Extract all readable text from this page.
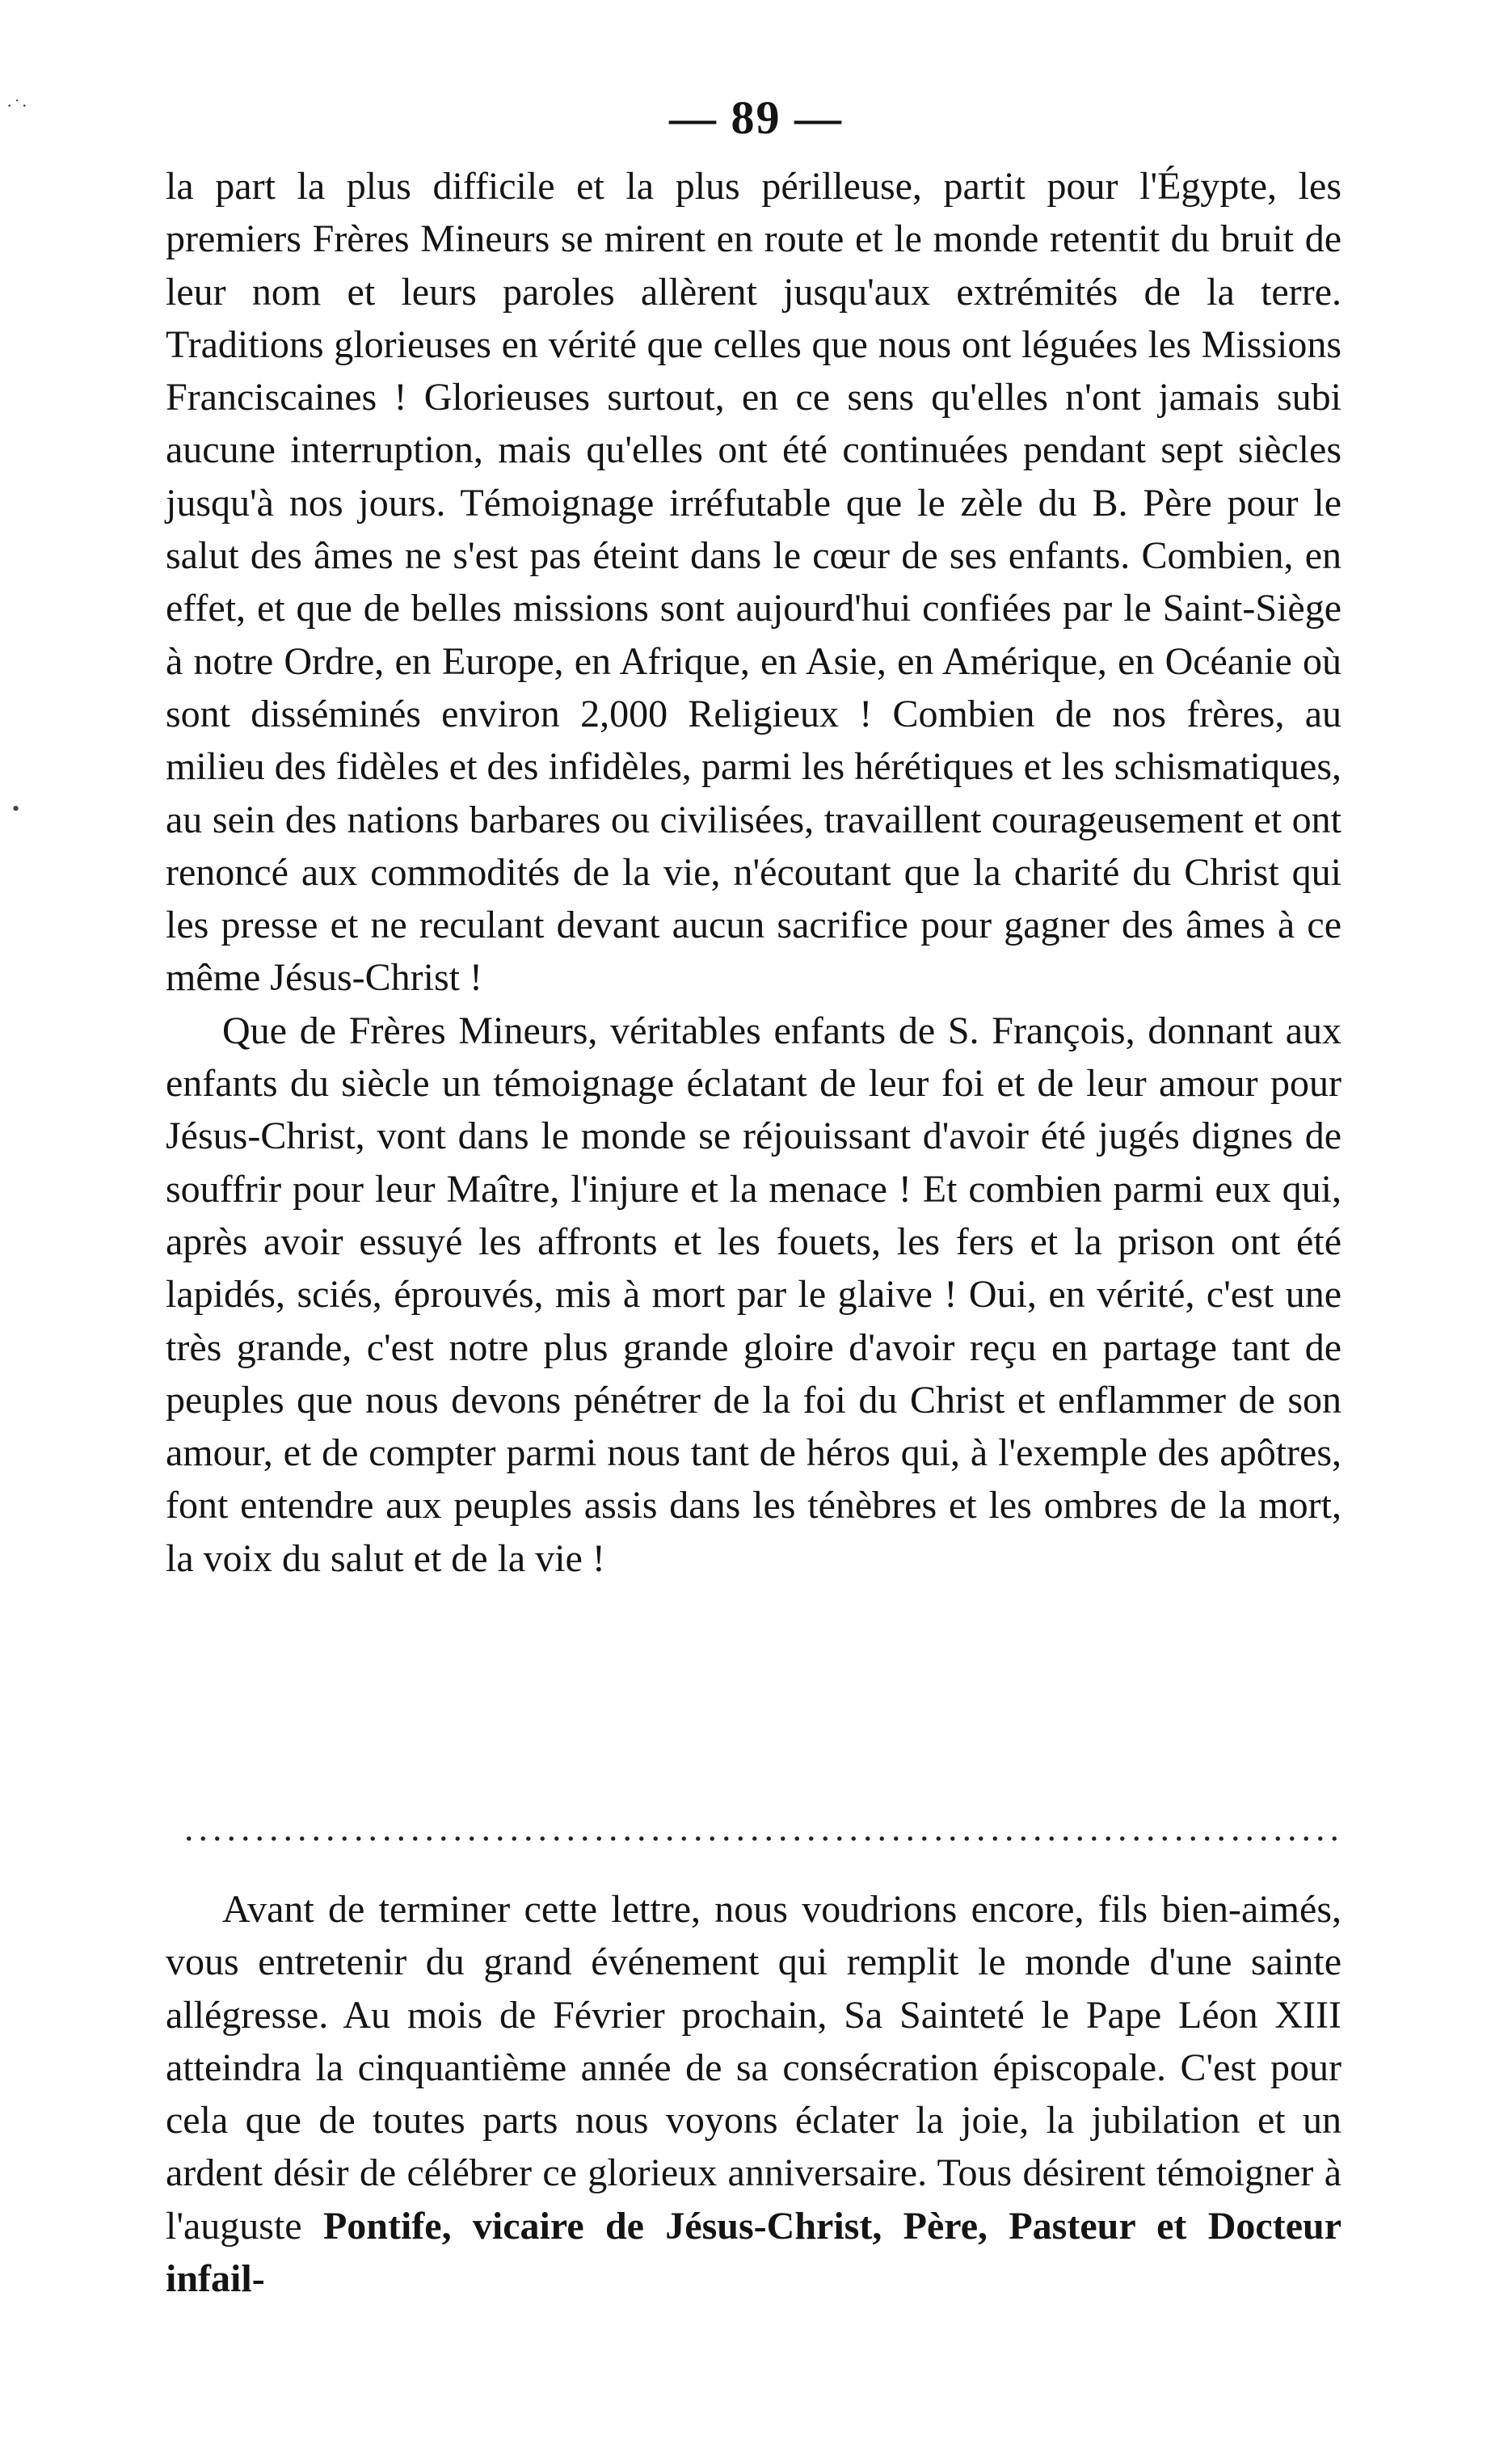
·˙·
•
— 89 —

la part la plus difficile et la plus périlleuse, partit pour l'Égypte, les premiers Frères Mineurs se mirent en route et le monde retentit du bruit de leur nom et leurs paroles allèrent jusqu'aux extrémités de la terre. Traditions glorieuses en vérité que celles que nous ont léguées les Missions Franciscaines ! Glorieuses surtout, en ce sens qu'elles n'ont jamais subi aucune interruption, mais qu'elles ont été continuées pendant sept siècles jusqu'à nos jours. Témoignage irréfutable que le zèle du B. Père pour le salut des âmes ne s'est pas éteint dans le cœur de ses enfants. Combien, en effet, et que de belles missions sont aujourd'hui confiées par le Saint-Siège à notre Ordre, en Europe, en Afrique, en Asie, en Amérique, en Océanie où sont disséminés environ 2,000 Religieux ! Combien de nos frères, au milieu des fidèles et des infidèles, parmi les hérétiques et les schismatiques, au sein des nations barbares ou civilisées, travaillent courageusement et ont renoncé aux commodités de la vie, n'écoutant que la charité du Christ qui les presse et ne reculant devant aucun sacrifice pour gagner des âmes à ce même Jésus-Christ !

Que de Frères Mineurs, véritables enfants de S. François, donnant aux enfants du siècle un témoignage éclatant de leur foi et de leur amour pour Jésus-Christ, vont dans le monde se réjouissant d'avoir été jugés dignes de souffrir pour leur Maître, l'injure et la menace ! Et combien parmi eux qui, après avoir essuyé les affronts et les fouets, les fers et la prison ont été lapidés, sciés, éprouvés, mis à mort par le glaive ! Oui, en vérité, c'est une très grande, c'est notre plus grande gloire d'avoir reçu en partage tant de peuples que nous devons pénétrer de la foi du Christ et enflammer de son amour, et de compter parmi nous tant de héros qui, à l'exemple des apôtres, font entendre aux peuples assis dans les ténèbres et les ombres de la mort, la voix du salut et de la vie !

Avant de terminer cette lettre, nous voudrions encore, fils bien-aimés, vous entretenir du grand événement qui remplit le monde d'une sainte allégresse. Au mois de Février prochain, Sa Sainteté le Pape Léon XIII atteindra la cinquantième année de sa consécration épiscopale. C'est pour cela que de toutes parts nous voyons éclater la joie, la jubilation et un ardent désir de célébrer ce glorieux anniversaire. Tous désirent témoigner à l'auguste Pontife, vicaire de Jésus-Christ, Père, Pasteur et Docteur infail-
